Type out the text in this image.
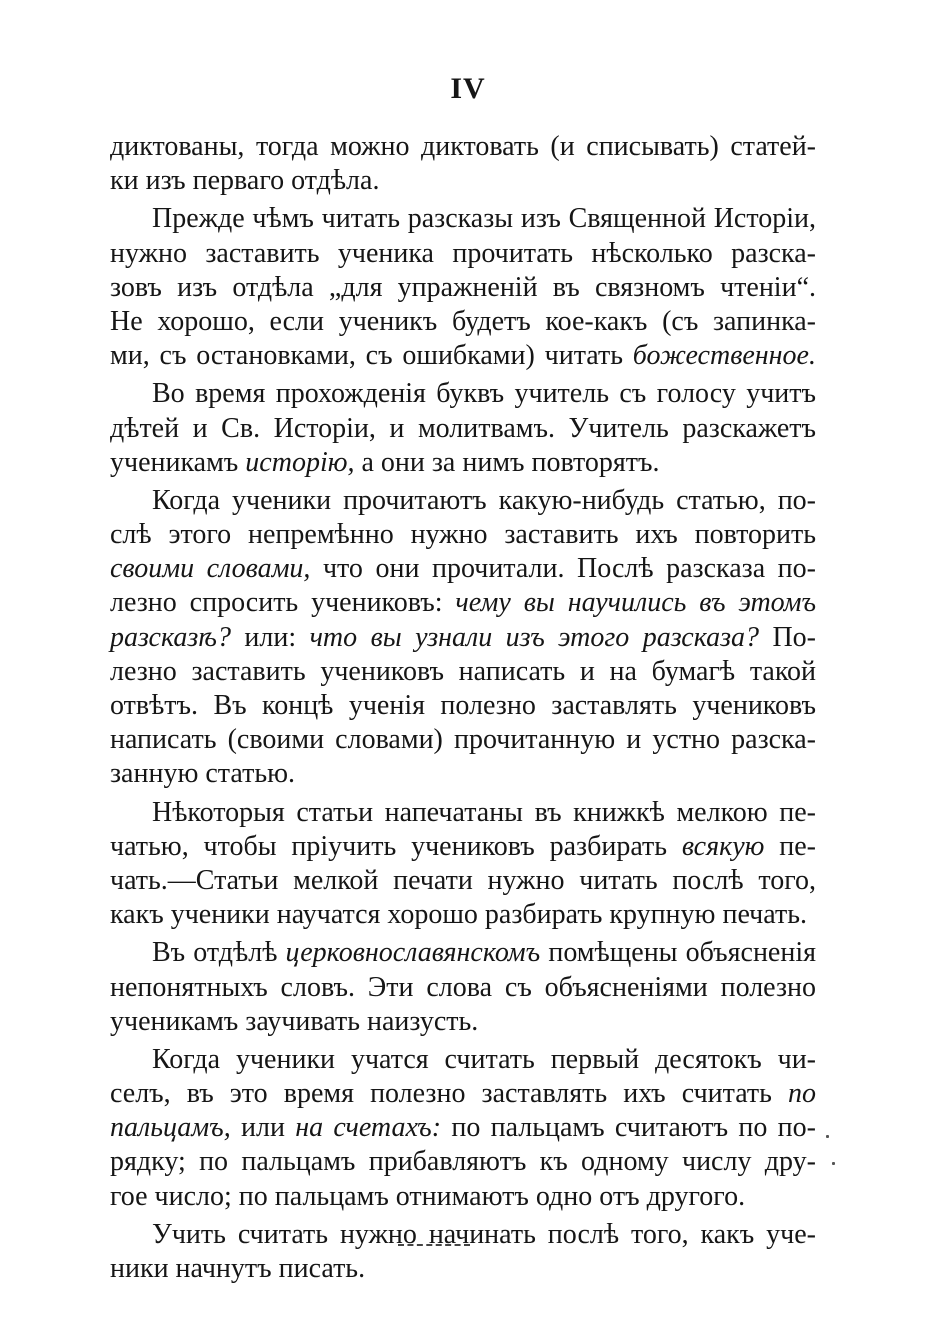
IV
диктованы, тогда можно диктовать (и списывать) статей-
ки изъ перваго отдѣла.
Прежде чѣмъ читать разсказы изъ Священной Исторіи,
нужно заставить ученика прочитать нѣсколько разска-
зовъ изъ отдѣла „для упражненій въ связномъ чтеніи“.
Не хорошо, если ученикъ будетъ кое-какъ (съ запинка-
ми, съ остановками, съ ошибками) читать божественное.
Во время прохожденія буквъ учитель съ голосу учитъ
дѣтей и Св. Исторіи, и молитвамъ. Учитель разскажетъ
ученикамъ исторію, а они за нимъ повторятъ.
Когда ученики прочитаютъ какую-нибудь статью, по-
слѣ этого непремѣнно нужно заставить ихъ повторить
своими словами, что они прочитали. Послѣ разсказа по-
лезно спросить учениковъ: чему вы научились въ этомъ
разсказѣ? или: что вы узнали изъ этого разсказа? По-
лезно заставить учениковъ написать и на бумагѣ такой
отвѣтъ. Въ концѣ ученія полезно заставлять учениковъ
написать (своими словами) прочитанную и устно разска-
занную статью.
Нѣкоторыя статьи напечатаны въ книжкѣ мелкою пе-
чатью, чтобы пріучить учениковъ разбирать всякую пе-
чать.—Статьи мелкой печати нужно читать послѣ того,
какъ ученики научатся хорошо разбирать крупную печать.
Въ отдѣлѣ церковнославянскомъ помѣщены объясненія
непонятныхъ словъ. Эти слова съ объясненіями полезно
ученикамъ заучивать наизусть.
Когда ученики учатся считать первый десятокъ чи-
селъ, въ это время полезно заставлять ихъ считать по
пальцамъ, или на счетахъ: по пальцамъ считаютъ по по-
рядку; по пальцамъ прибавляютъ къ одному числу дру-
гое число; по пальцамъ отнимаютъ одно отъ другого.
Учить считать нужно начинать послѣ того, какъ уче-
ники начнутъ писать.
